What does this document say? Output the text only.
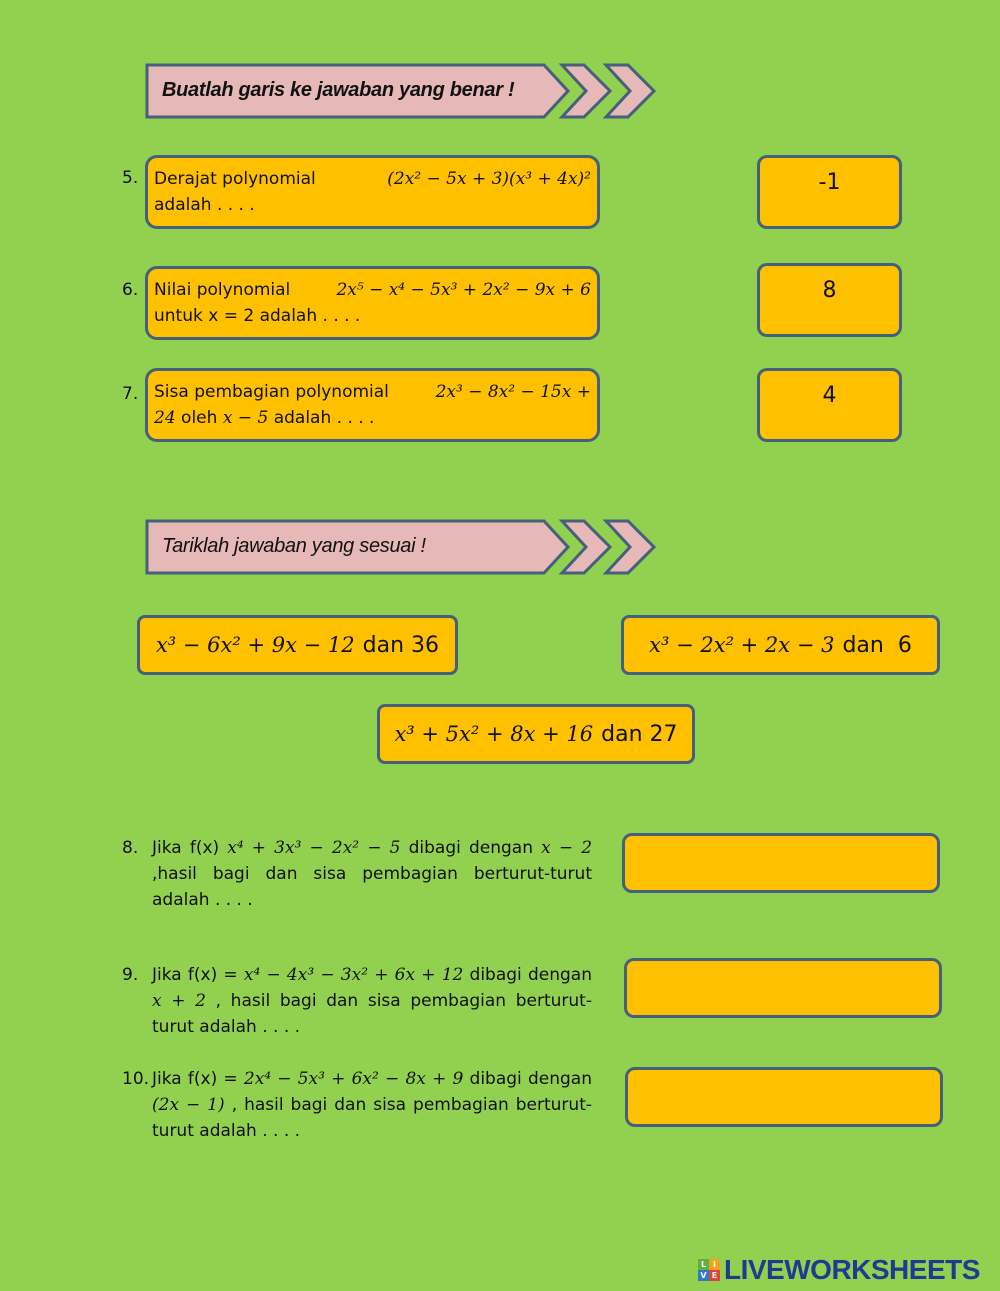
Buatlah garis ke jawaban yang benar !
5. Derajat polynomial	(2𝑥² − 5𝑥 + 3)(𝑥³ + 4𝑥)²
adalah . . . .
6. Nilai polynomial	2𝑥⁵ − 𝑥⁴ − 5𝑥³ + 2𝑥² − 9𝑥 + 6
untuk x = 2 adalah . . . .
7. Sisa pembagian polynomial	2𝑥³ − 8𝑥² − 15𝑥 +
24 oleh 𝑥 − 5 adalah . . . .
-1
8
4
Tariklah jawaban yang sesuai !
𝑥³ − 6𝑥² + 9𝑥 − 12 dan 36	𝑥³ − 2𝑥² + 2𝑥 − 3 dan  6
𝑥³ + 5𝑥² + 8𝑥 + 16 dan 27
8. Jika f(x) 𝑥⁴ + 3𝑥³ − 2𝑥² − 5 dibagi dengan 𝑥 − 2 ,hasil bagi dan sisa pembagian berturut-turut adalah . . . .
9. Jika f(x) = 𝑥⁴ − 4𝑥³ − 3𝑥² + 6𝑥 + 12 dibagi dengan 𝑥 + 2 , hasil bagi dan sisa pembagian berturut-turut adalah . . . .
10. Jika f(x) = 2𝑥⁴ − 5𝑥³ + 6𝑥² − 8𝑥 + 9 dibagi dengan (2𝑥 − 1) , hasil bagi dan sisa pembagian berturut-turut adalah . . . .
L I
V E LIVEWORKSHEETS
